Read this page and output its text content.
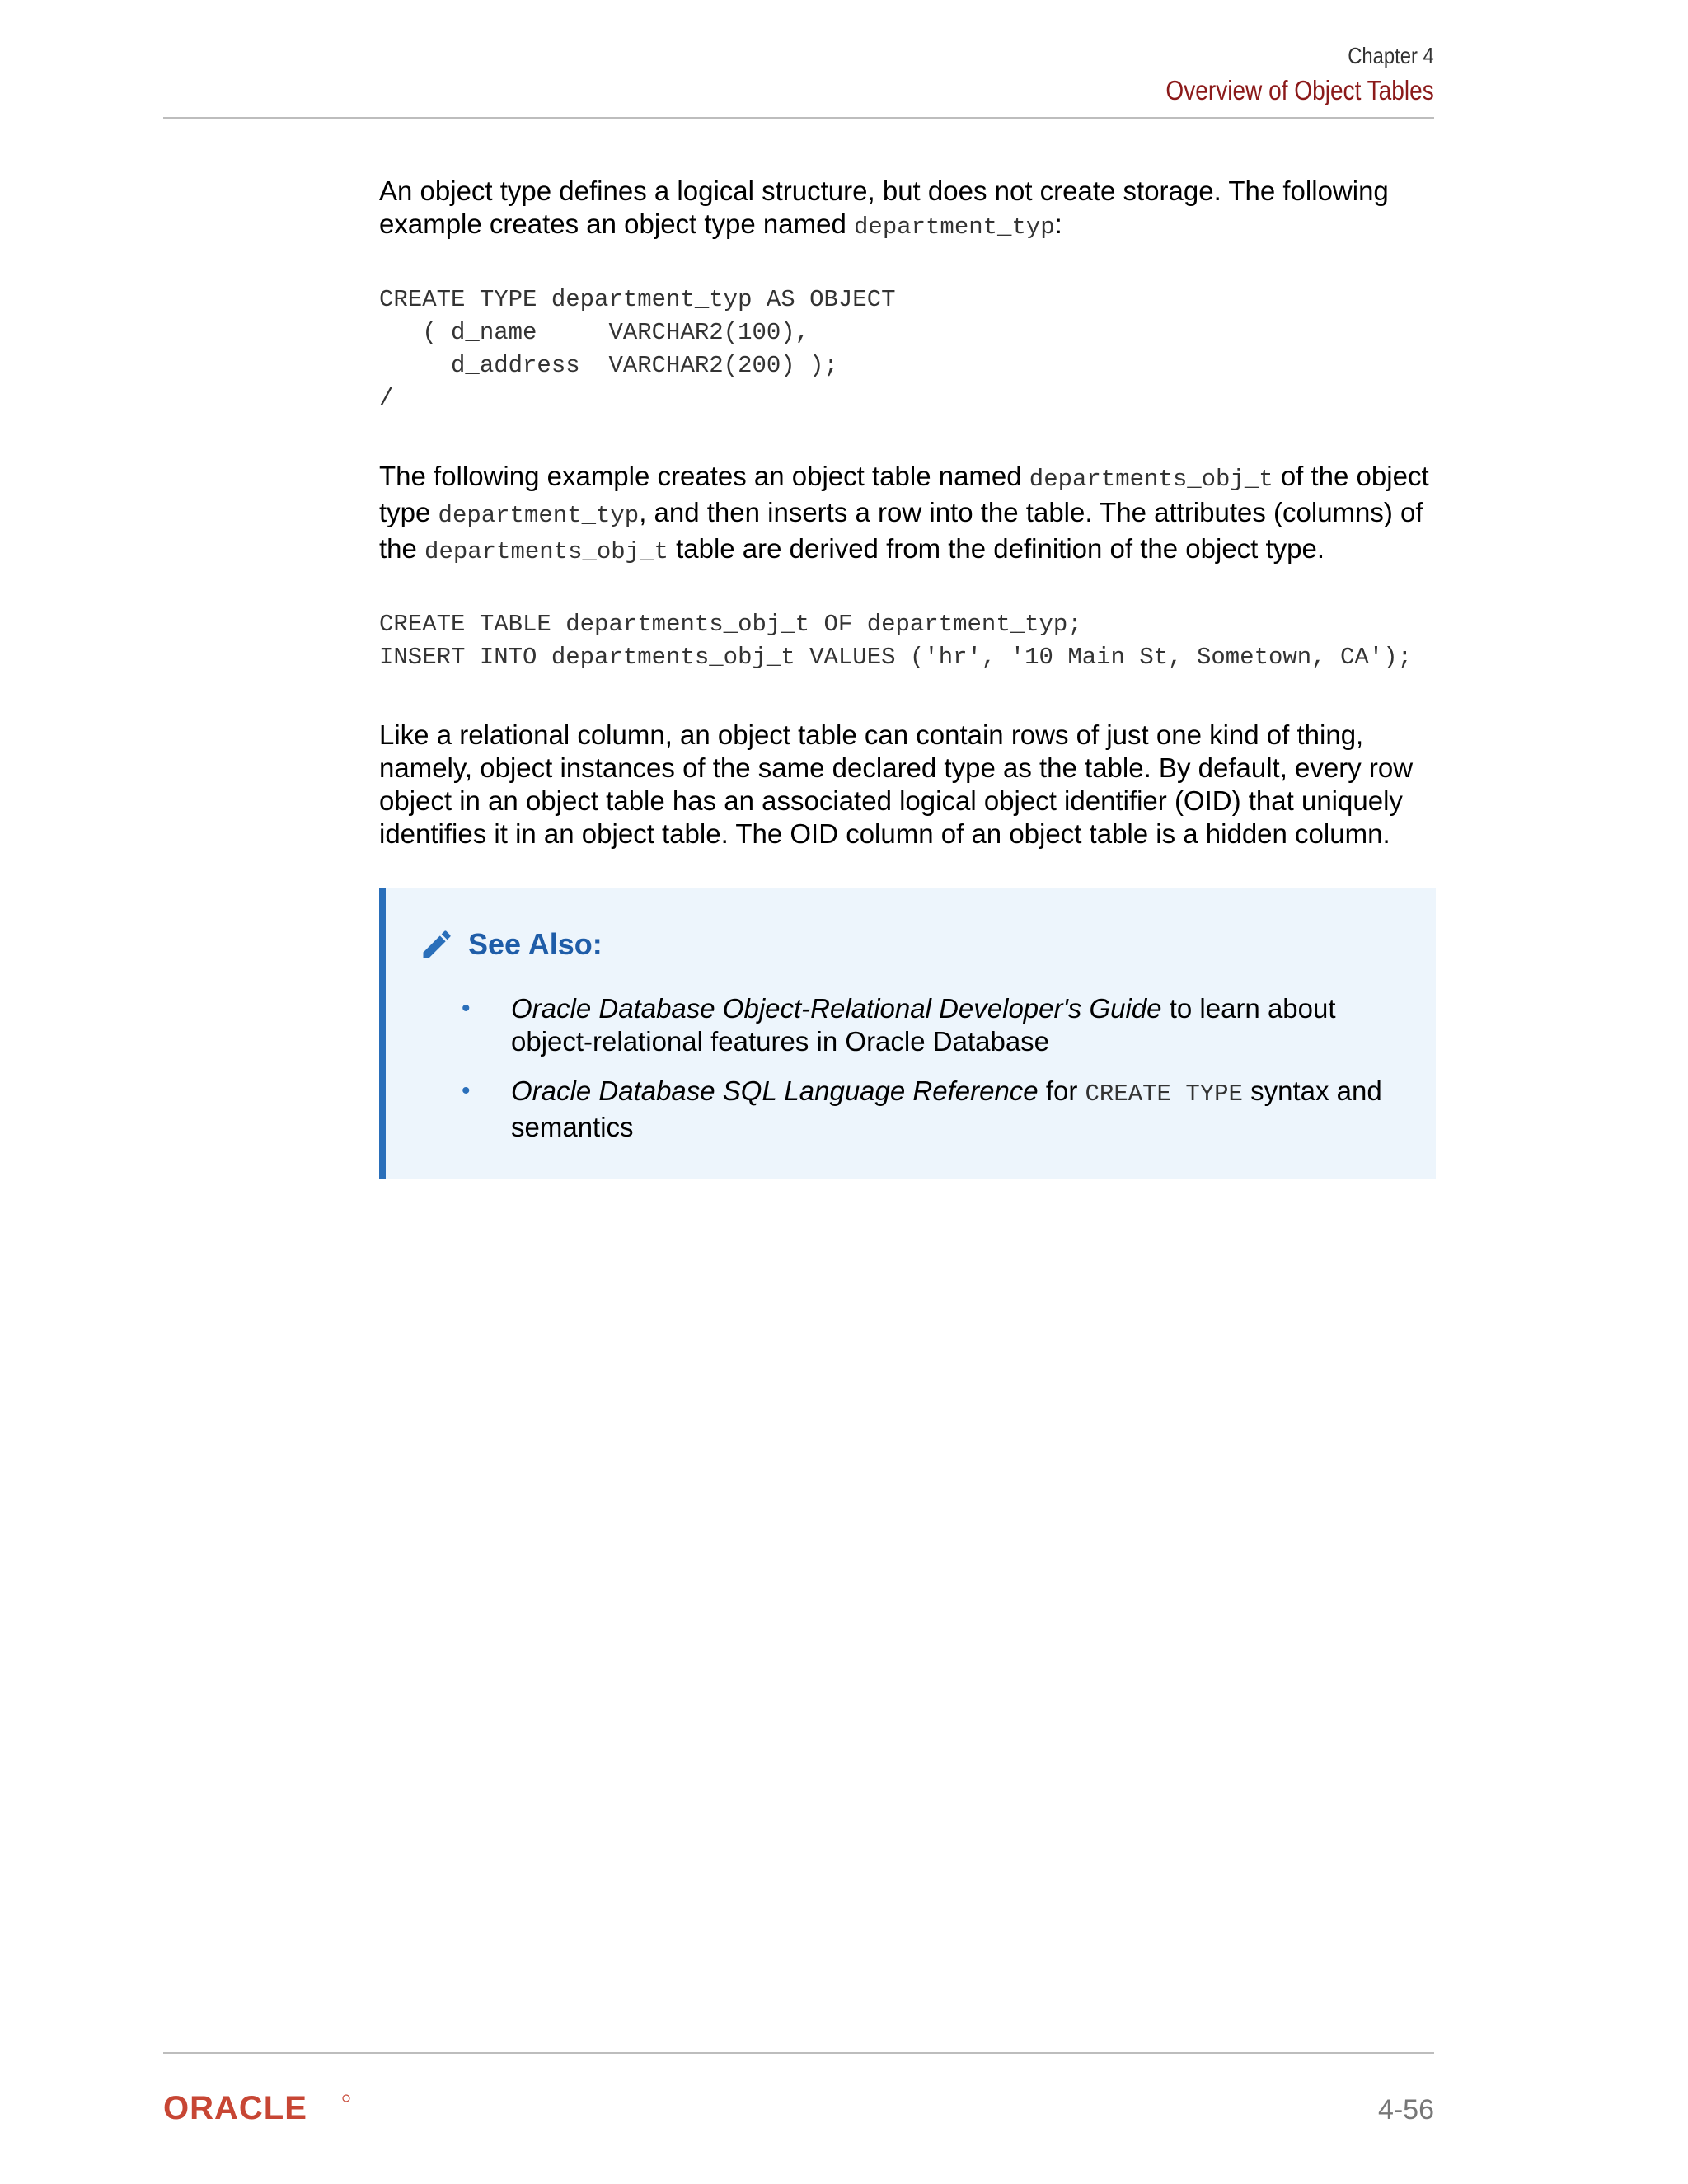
Chapter 4
Overview of Object Tables

An object type defines a logical structure, but does not create storage. The following example creates an object type named department_typ:

CREATE TYPE department_typ AS OBJECT
( d_name     VARCHAR2(100),
d_address  VARCHAR2(200) );
/

The following example creates an object table named departments_obj_t of the object type department_typ, and then inserts a row into the table. The attributes (columns) of the departments_obj_t table are derived from the definition of the object type.

CREATE TABLE departments_obj_t OF department_typ;
INSERT INTO departments_obj_t VALUES ('hr', '10 Main St, Sometown, CA');

Like a relational column, an object table can contain rows of just one kind of thing, namely, object instances of the same declared type as the table. By default, every row object in an object table has an associated logical object identifier (OID) that uniquely identifies it in an object table. The OID column of an object table is a hidden column.

See Also:
• Oracle Database Object-Relational Developer's Guide to learn about object-relational features in Oracle Database
• Oracle Database SQL Language Reference for CREATE TYPE syntax and semantics
ORACLE	4-56
